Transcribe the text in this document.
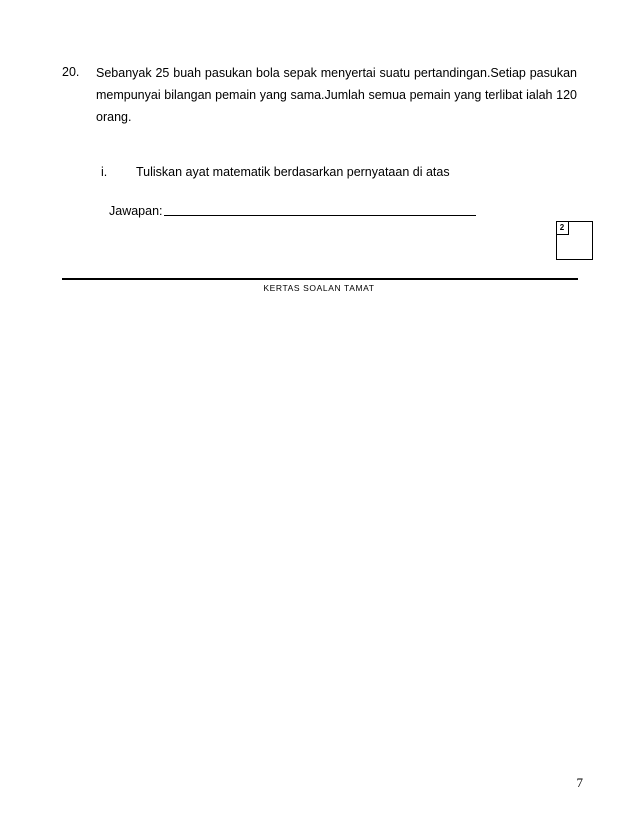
20. Sebanyak 25 buah pasukan bola sepak menyertai suatu pertandingan.Setiap pasukan mempunyai bilangan pemain yang sama.Jumlah semua pemain yang terlibat ialah 120 orang.

i. Tuliskan ayat matematik berdasarkan pernyataan di atas
Jawapan:
2
KERTAS SOALAN TAMAT
7
